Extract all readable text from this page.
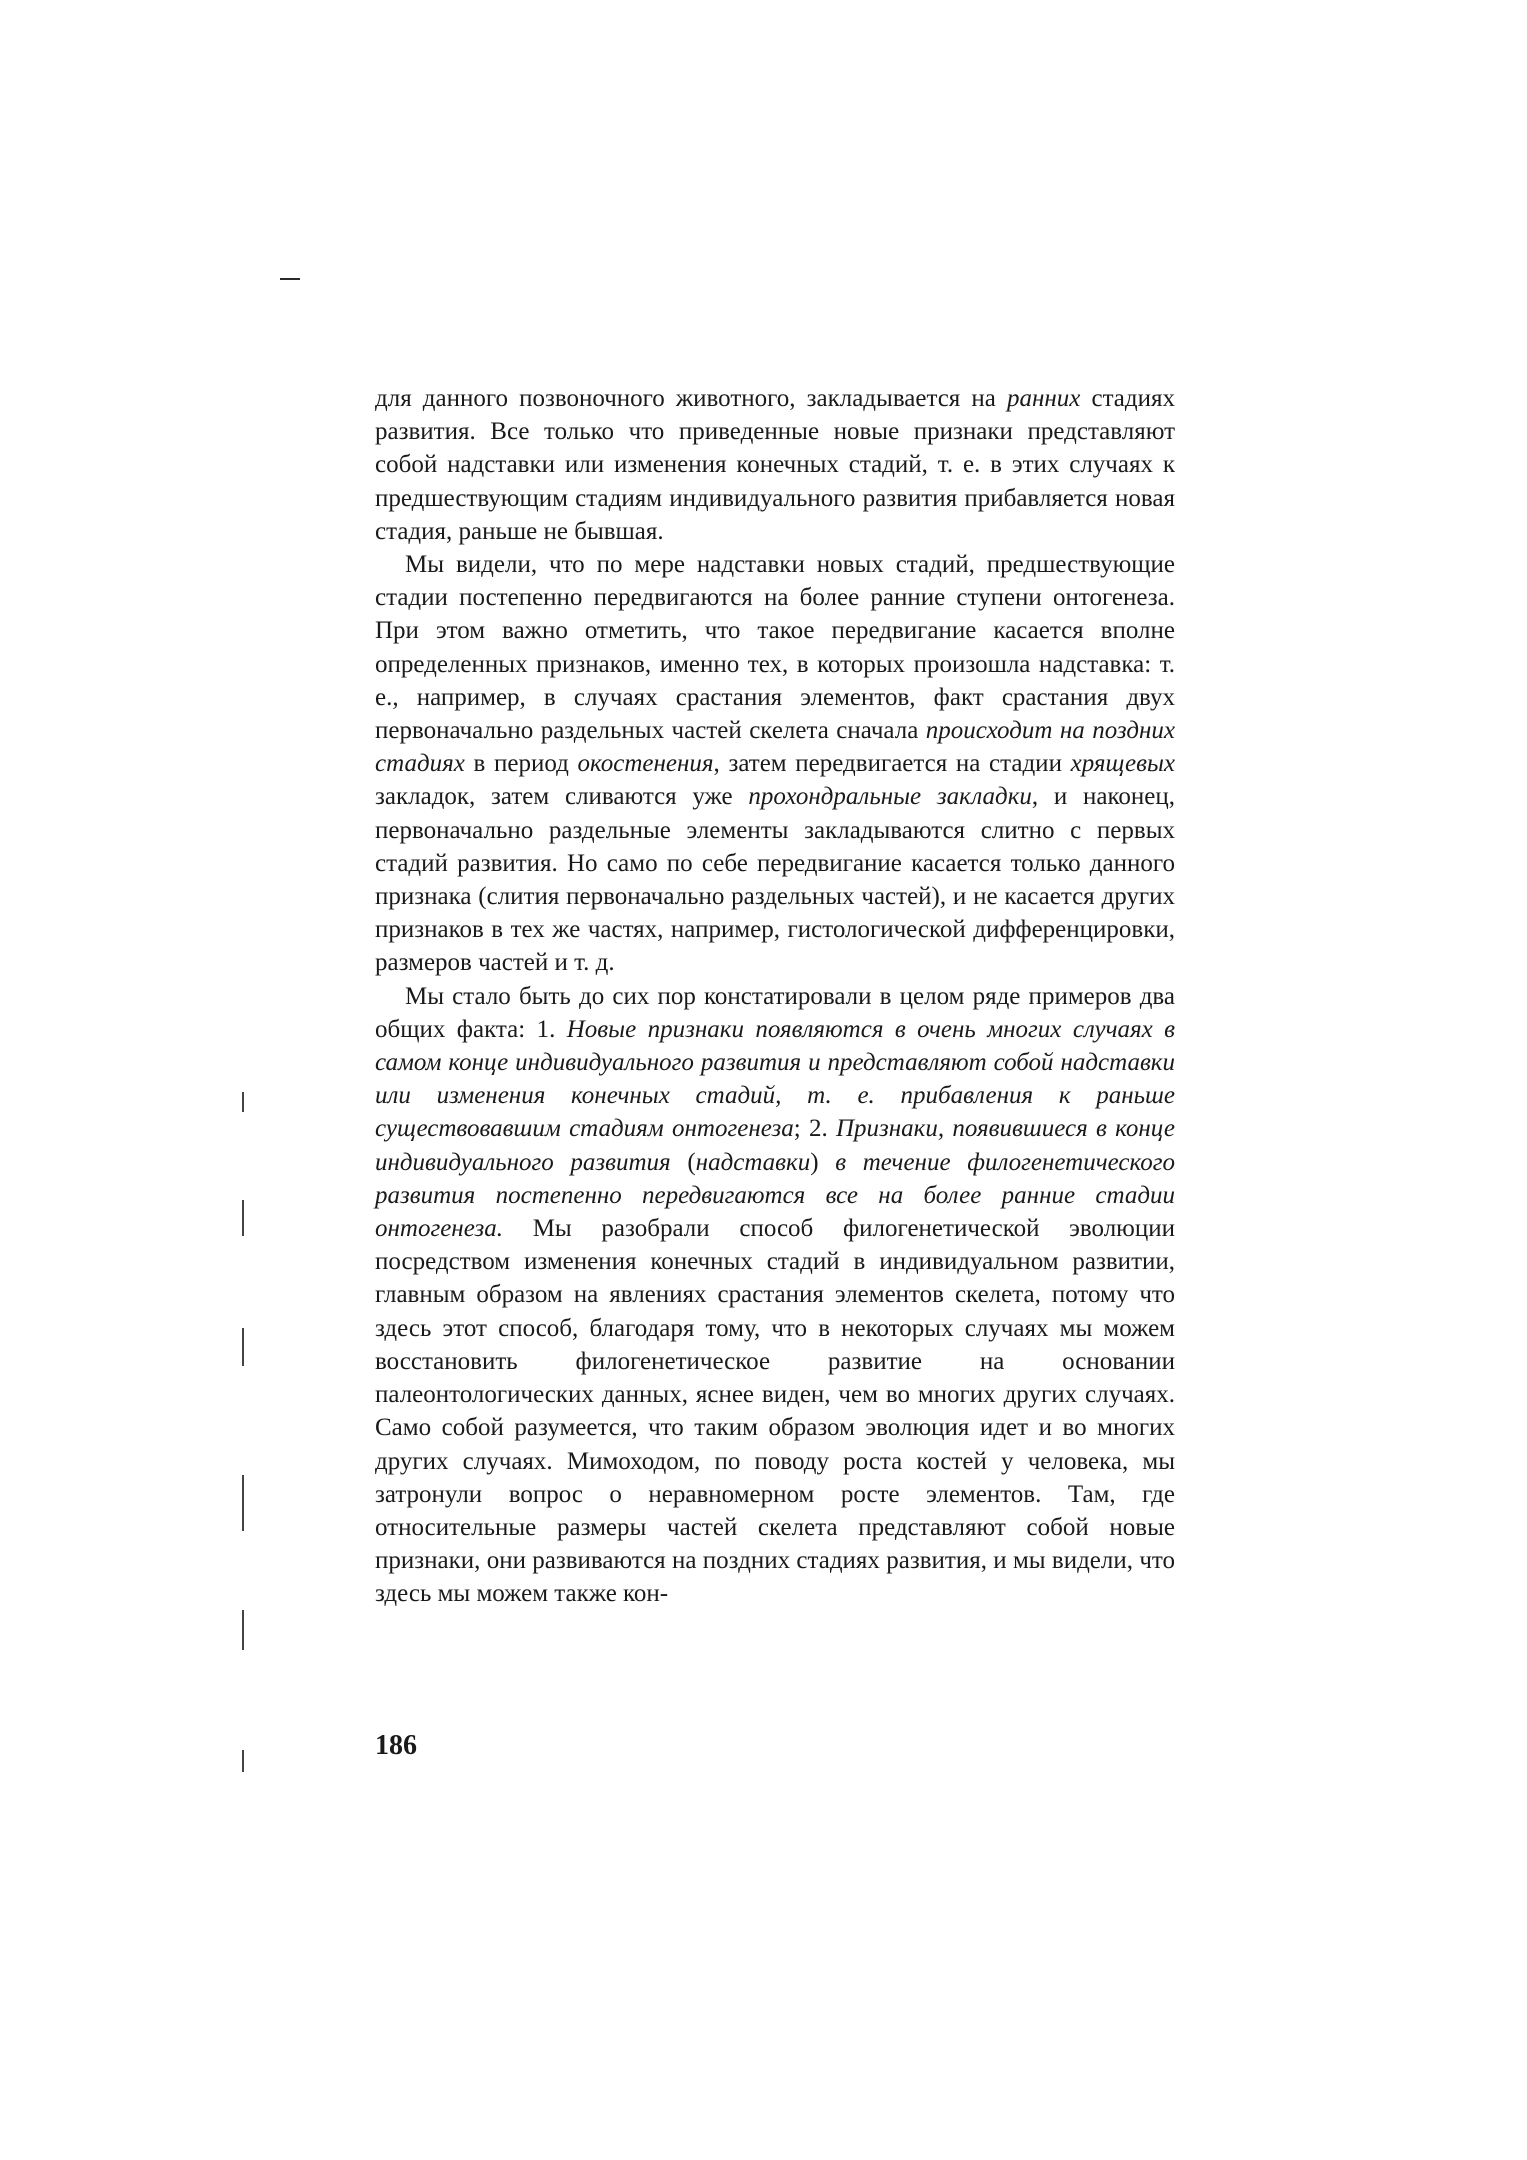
для данного позвоночного животного, закладывается на ранних стадиях развития. Все только что приведенные новые признаки представляют собой надставки или изменения конечных стадий, т. е. в этих случаях к предшествующим стадиям индивидуального развития прибавляется новая стадия, раньше не бывшая.

Мы видели, что по мере надставки новых стадий, предшествующие стадии постепенно передвигаются на более ранние ступени онтогенеза. При этом важно отметить, что такое передвигание касается вполне определенных признаков, именно тех, в которых произошла надставка: т. е., например, в случаях срастания элементов, факт срастания двух первоначально раздельных частей скелета сначала происходит на поздних стадиях в период окостенения, затем передвигается на стадии хрящевых закладок, затем сливаются уже прохондральные закладки, и наконец, первоначально раздельные элементы закладываются слитно с первых стадий развития. Но само по себе передвигание касается только данного признака (слития первоначально раздельных частей), и не касается других признаков в тех же частях, например, гистологической дифференцировки, размеров частей и т. д.

Мы стало быть до сих пор констатировали в целом ряде примеров два общих факта: 1. Новые признаки появляются в очень многих случаях в самом конце индивидуального развития и представляют собой надставки или изменения конечных стадий, т. е. прибавления к раньше существовавшим стадиям онтогенеза; 2. Признаки, появившиеся в конце индивидуального развития (надставки) в течение филогенетического развития постепенно передвигаются все на более ранние стадии онтогенеза. Мы разобрали способ филогенетической эволюции посредством изменения конечных стадий в индивидуальном развитии, главным образом на явлениях срастания элементов скелета, потому что здесь этот способ, благодаря тому, что в некоторых случаях мы можем восстановить филогенетическое развитие на основании палеонтологических данных, яснее виден, чем во многих других случаях. Само собой разумеется, что таким образом эволюция идет и во многих других случаях. Мимоходом, по поводу роста костей у человека, мы затронули вопрос о неравномерном росте элементов. Там, где относительные размеры частей скелета представляют собой новые признаки, они развиваются на поздних стадиях развития, и мы видели, что здесь мы можем также кон-

186
